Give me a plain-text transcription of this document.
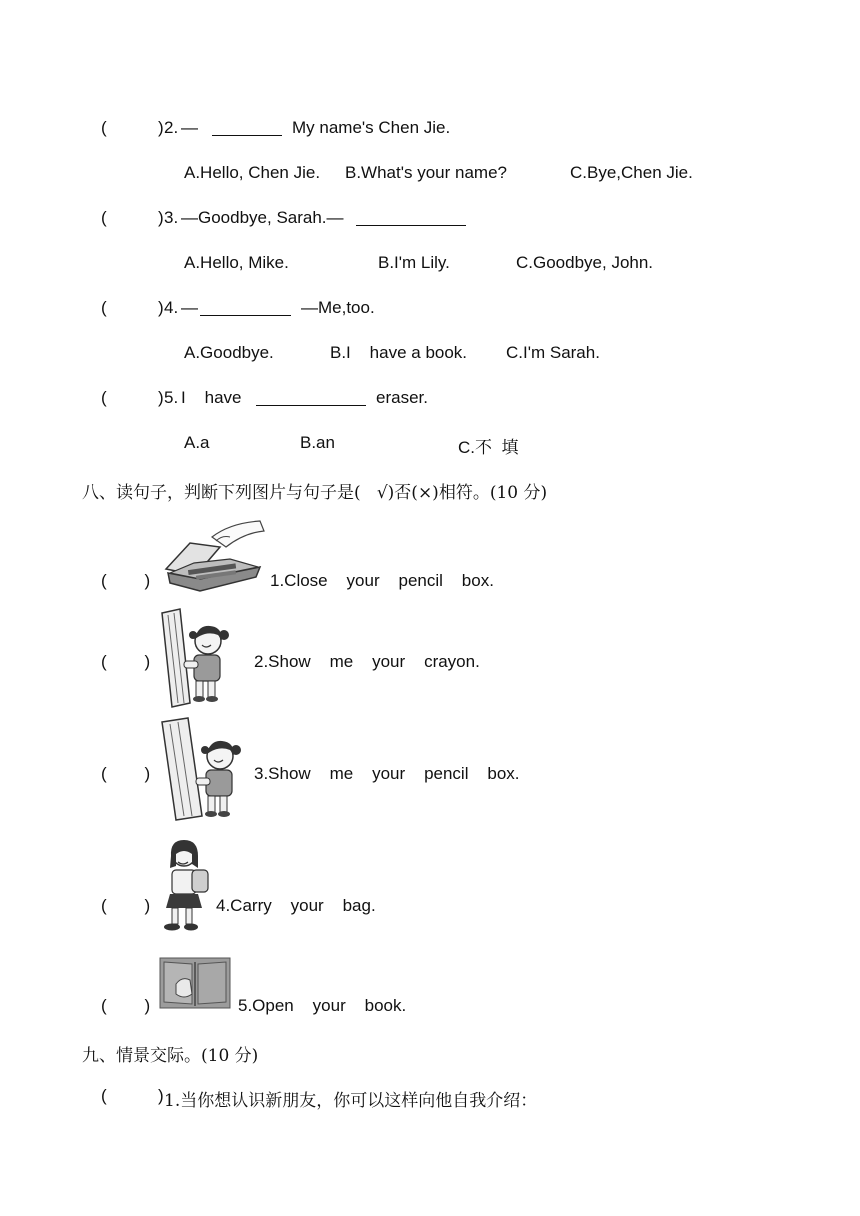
(	) 2. —	My name's Chen Jie.
A.Hello, Chen Jie. B.What's your name?	C.Bye,Chen Jie.
(	) 3. —Goodbye, Sarah.—
A.Hello, Mike.	B.I'm Lily.	C.Goodbye, John.
(	) 4. —	—Me,too.
A.Goodbye.	B.I    have a book. C.I'm Sarah.
(	) 5. I    have	eraser.
A.a	B.an	C.不  填
八、读句子，判断下列图片与句子是(   √)否(×)相符。(10 分)
(        )	1.Close    your    pencil    box.
(        )	2.Show    me    your    crayon.
(        )	3.Show    me    your    pencil    box.
(        )	4.Carry    your    bag.
(        )	5.Open    your    book.
九、情景交际。(10 分)
(	) 1.当你想认识新朋友，你可以这样向他自我介绍：
